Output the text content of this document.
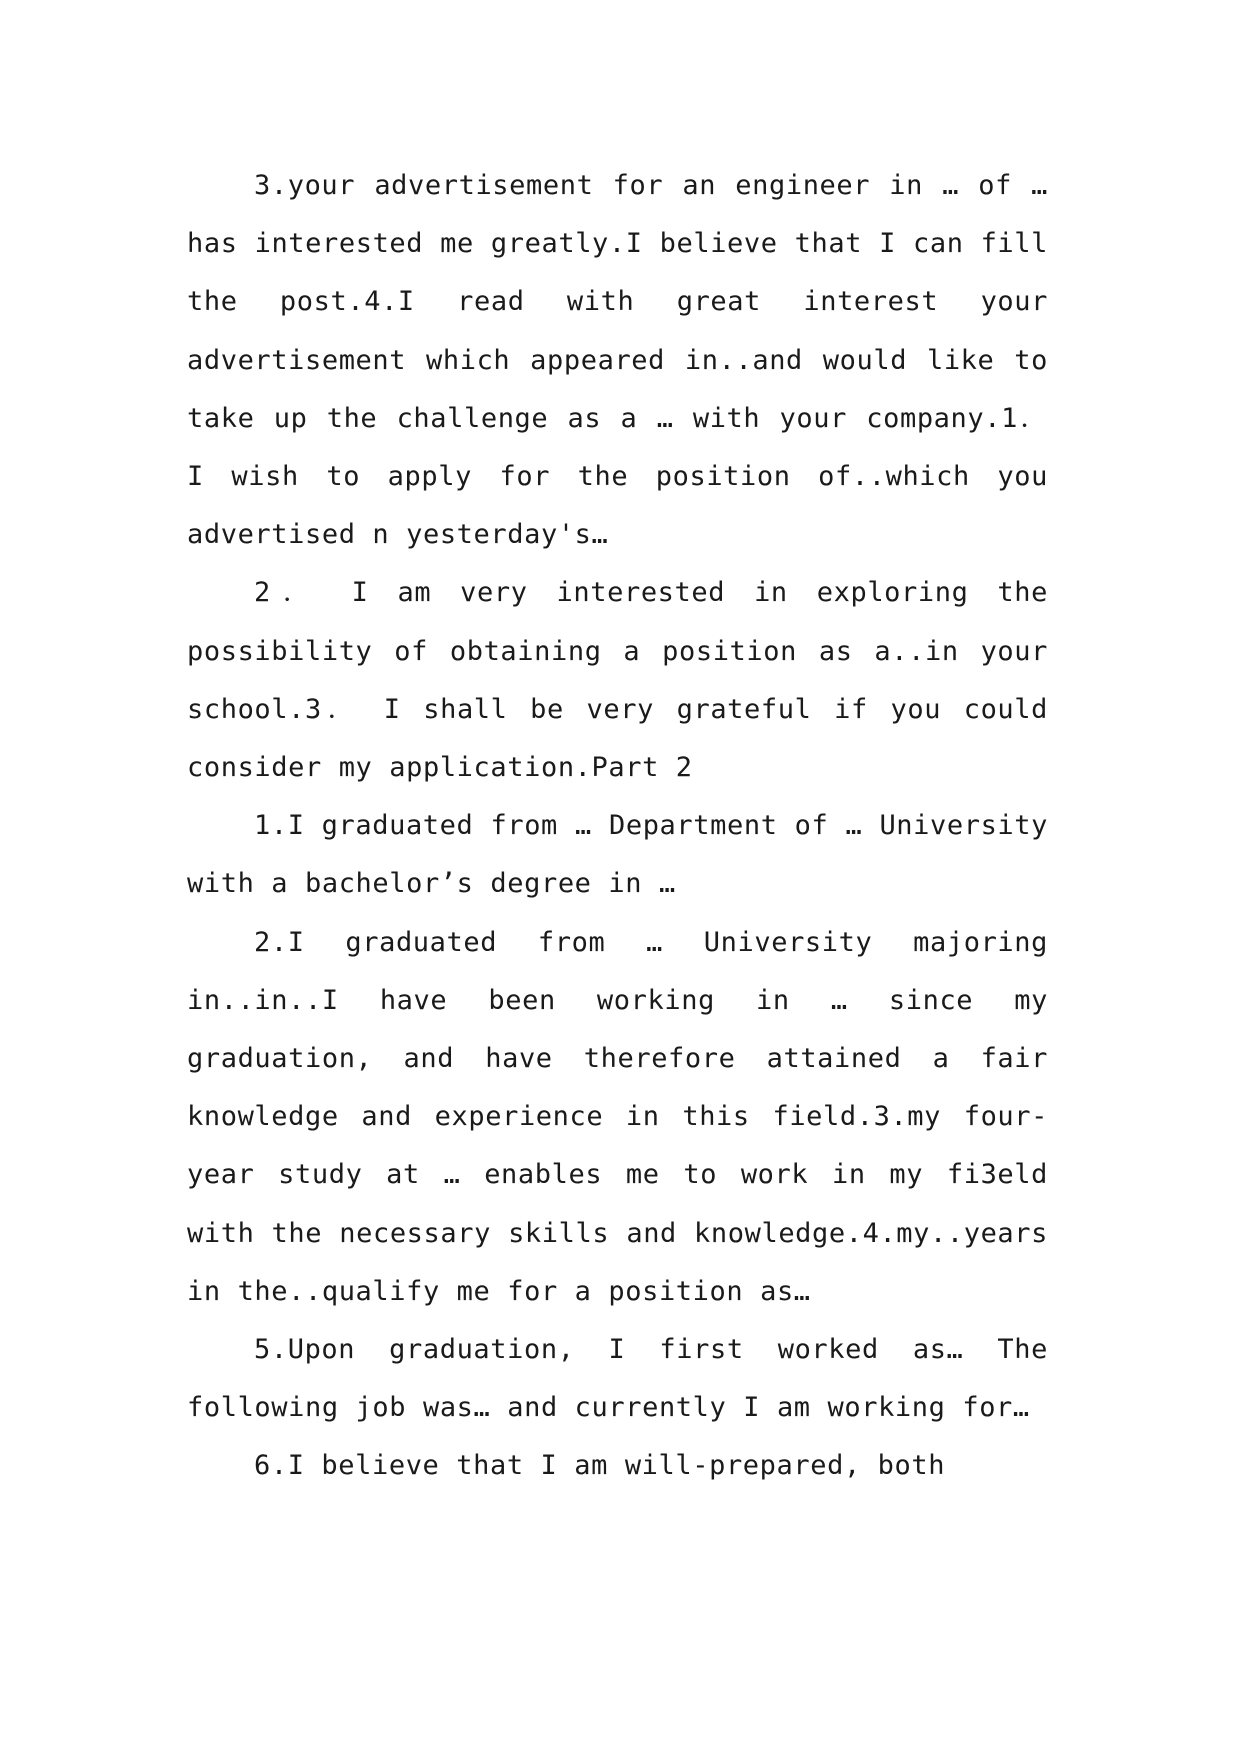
3.your advertisement for an engineer in … of … has interested me greatly.I believe that I can fill the post.4.I read with great interest your advertisement which appeared in..and would like to take up the challenge as a … with your company.1． I wish to apply for the position of..which you advertised n yesterday's…

2． I am very interested in exploring the possibility of obtaining a position as a..in your school.3． I shall be very grateful if you could consider my application.Part 2

1.I graduated from … Department of … University with a bachelor’s degree in …

2.I graduated from … University majoring in..in..I have been working in … since my graduation, and have therefore attained a fair knowledge and experience in this field.3.my four-year study at … enables me to work in my fi3eld with the necessary skills and knowledge.4.my..years in the..qualify me for a position as…

5.Upon graduation, I first worked as… The following job was… and currently I am working for…

6.I believe that I am will-prepared, both
